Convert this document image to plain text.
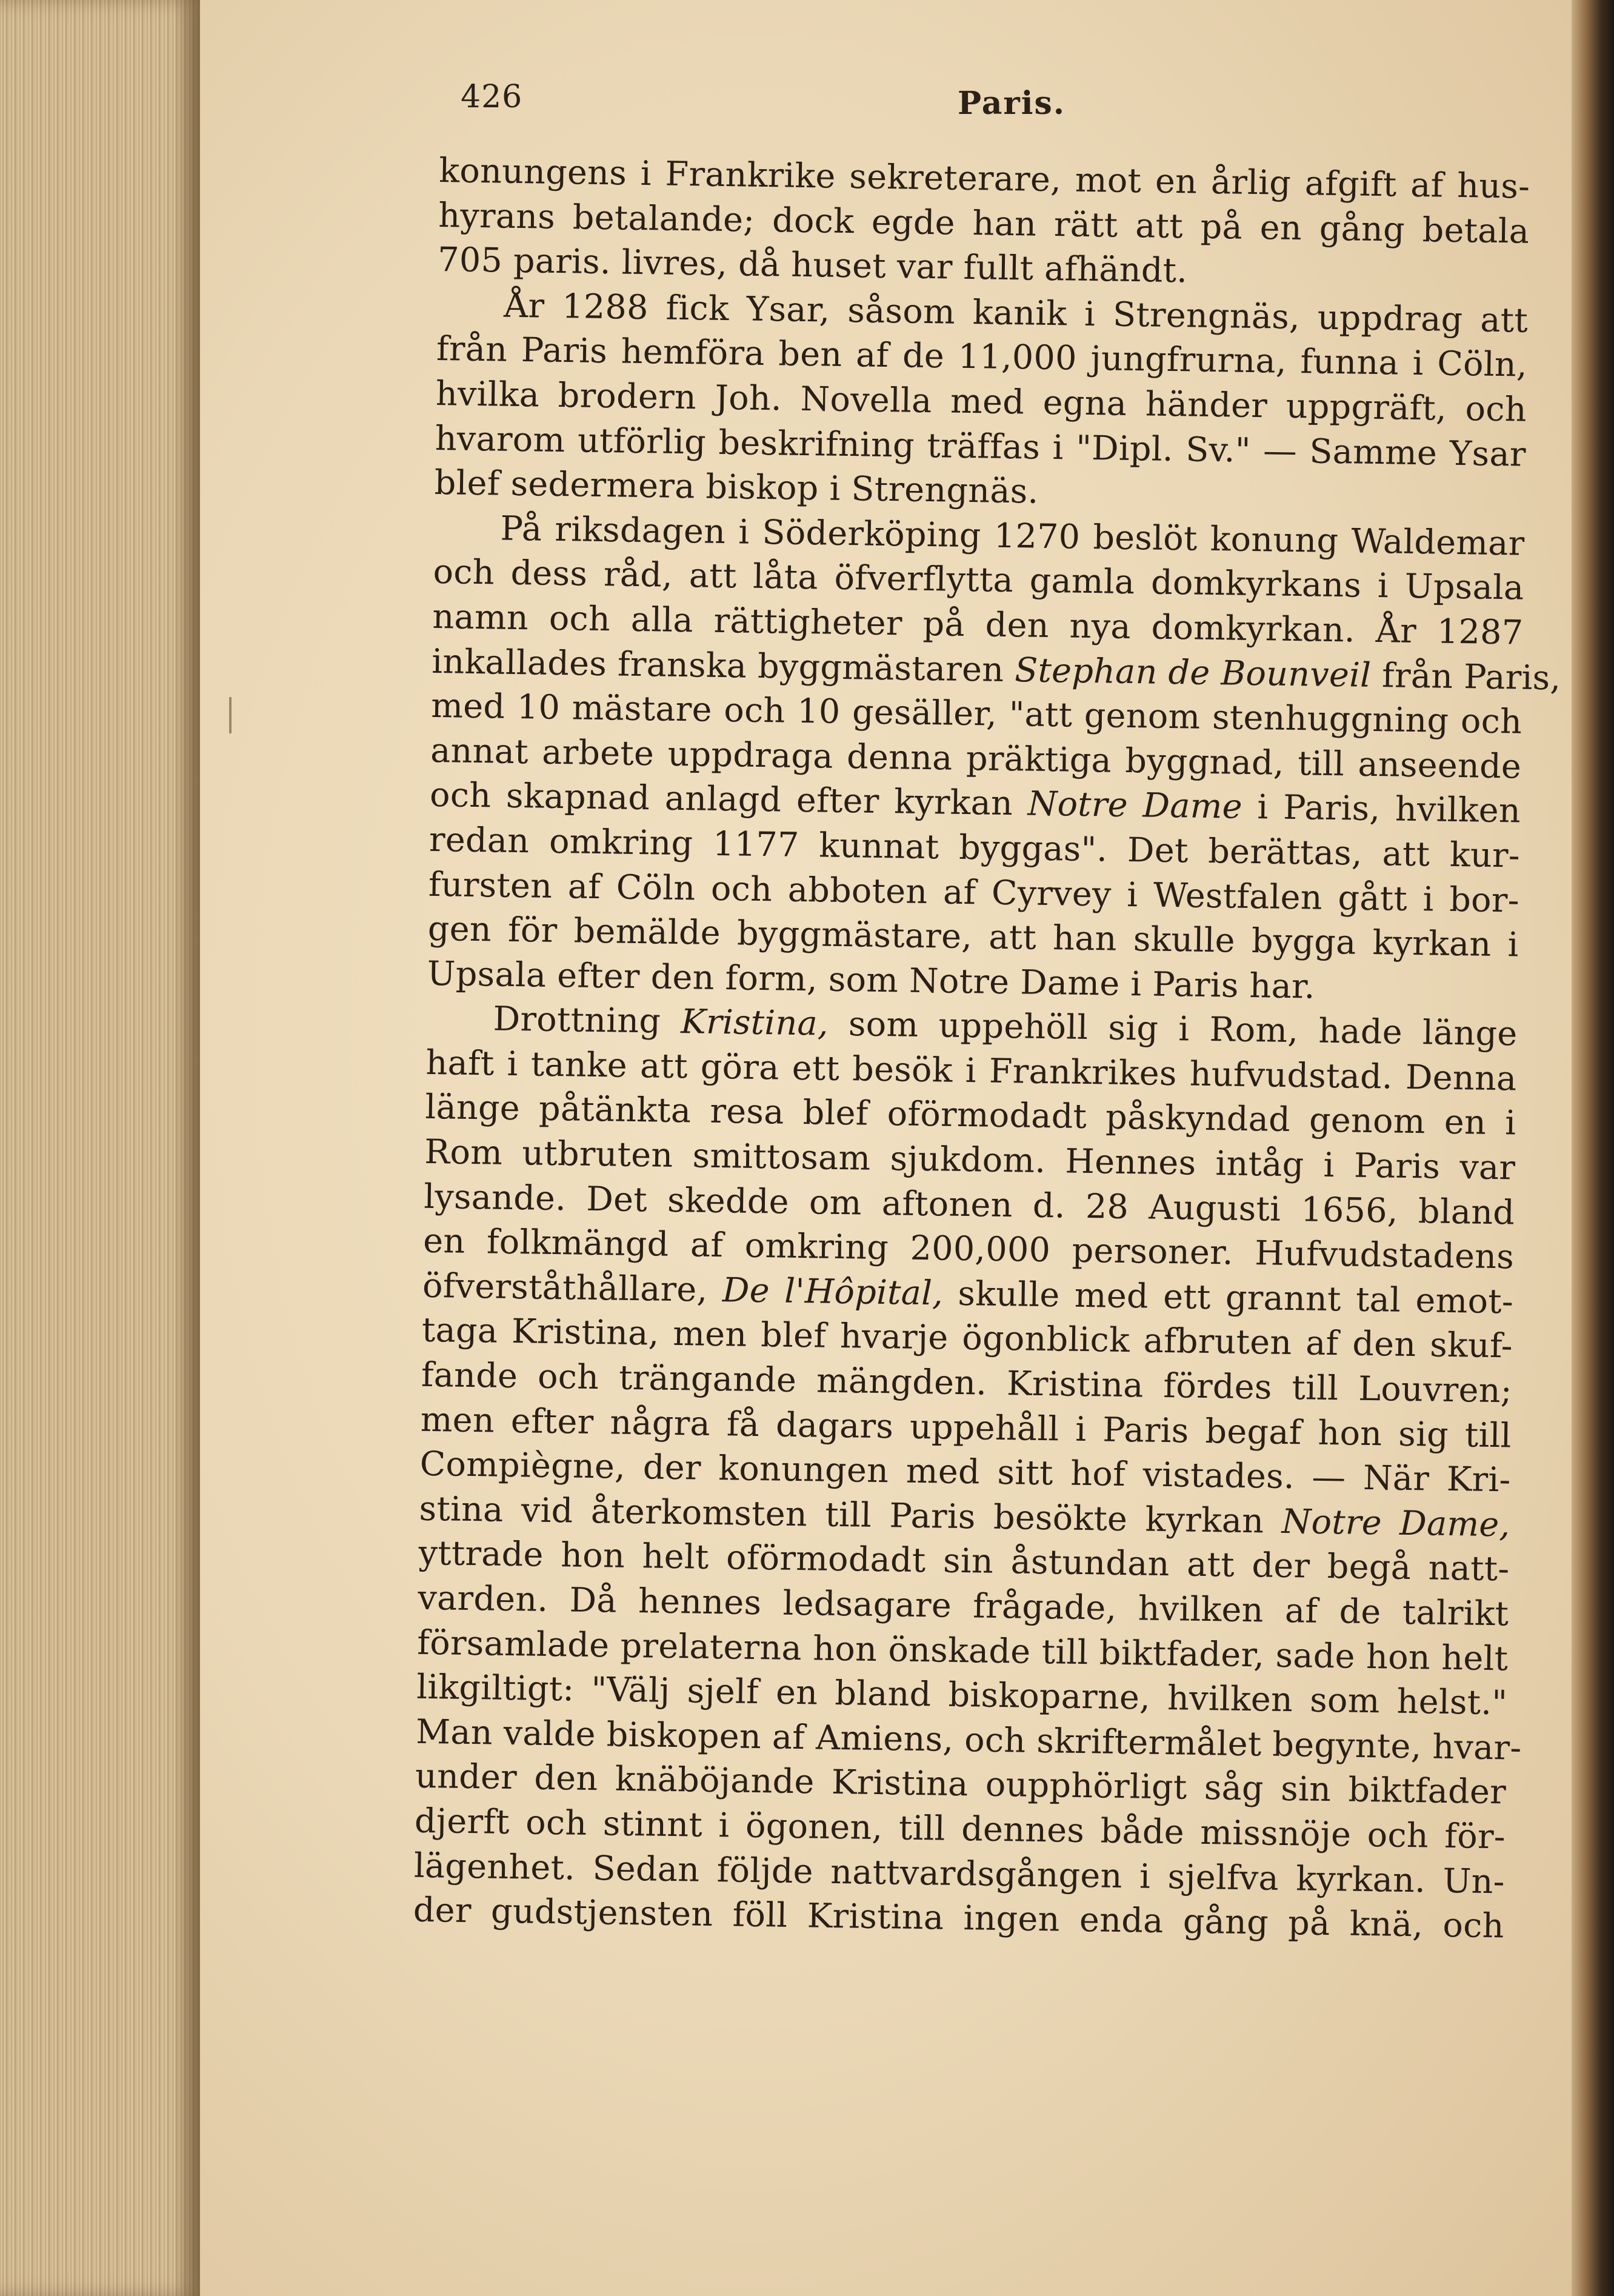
426	Paris.
konungens i Frankrike sekreterare, mot en årlig afgift af hus-
hyrans betalande; dock egde han rätt att på en gång betala
705 paris. livres, då huset var fullt afhändt.
År 1288 fick Ysar, såsom kanik i Strengnäs, uppdrag att
från Paris hemföra ben af de 11,000 jungfrurna, funna i Cöln,
hvilka brodern Joh. Novella med egna händer uppgräft, och
hvarom utförlig beskrifning träffas i "Dipl. Sv." — Samme Ysar
blef sedermera biskop i Strengnäs.
På riksdagen i Söderköping 1270 beslöt konung Waldemar
och dess råd, att låta öfverflytta gamla domkyrkans i Upsala
namn och alla rättigheter på den nya domkyrkan. År 1287
inkallades franska byggmästaren Stephan de Bounveil från Paris,
med 10 mästare och 10 gesäller, "att genom stenhuggning och
annat arbete uppdraga denna präktiga byggnad, till anseende
och skapnad anlagd efter kyrkan Notre Dame i Paris, hvilken
redan omkring 1177 kunnat byggas". Det berättas, att kur-
fursten af Cöln och abboten af Cyrvey i Westfalen gått i bor-
gen för bemälde byggmästare, att han skulle bygga kyrkan i
Upsala efter den form, som Notre Dame i Paris har.
Drottning Kristina, som uppehöll sig i Rom, hade länge
haft i tanke att göra ett besök i Frankrikes hufvudstad. Denna
länge påtänkta resa blef oförmodadt påskyndad genom en i
Rom utbruten smittosam sjukdom. Hennes intåg i Paris var
lysande. Det skedde om aftonen d. 28 Augusti 1656, bland
en folkmängd af omkring 200,000 personer. Hufvudstadens
öfverståthållare, De l'Hôpital, skulle med ett grannt tal emot-
taga Kristina, men blef hvarje ögonblick afbruten af den skuf-
fande och trängande mängden. Kristina fördes till Louvren;
men efter några få dagars uppehåll i Paris begaf hon sig till
Compiègne, der konungen med sitt hof vistades. — När Kri-
stina vid återkomsten till Paris besökte kyrkan Notre Dame,
yttrade hon helt oförmodadt sin åstundan att der begå natt-
varden. Då hennes ledsagare frågade, hvilken af de talrikt
församlade prelaterna hon önskade till biktfader, sade hon helt
likgiltigt: "Välj sjelf en bland biskoparne, hvilken som helst."
Man valde biskopen af Amiens, och skriftermålet begynte, hvar-
under den knäböjande Kristina oupphörligt såg sin biktfader
djerft och stinnt i ögonen, till dennes både missnöje och för-
lägenhet. Sedan följde nattvardsgången i sjelfva kyrkan. Un-
der gudstjensten föll Kristina ingen enda gång på knä, och
